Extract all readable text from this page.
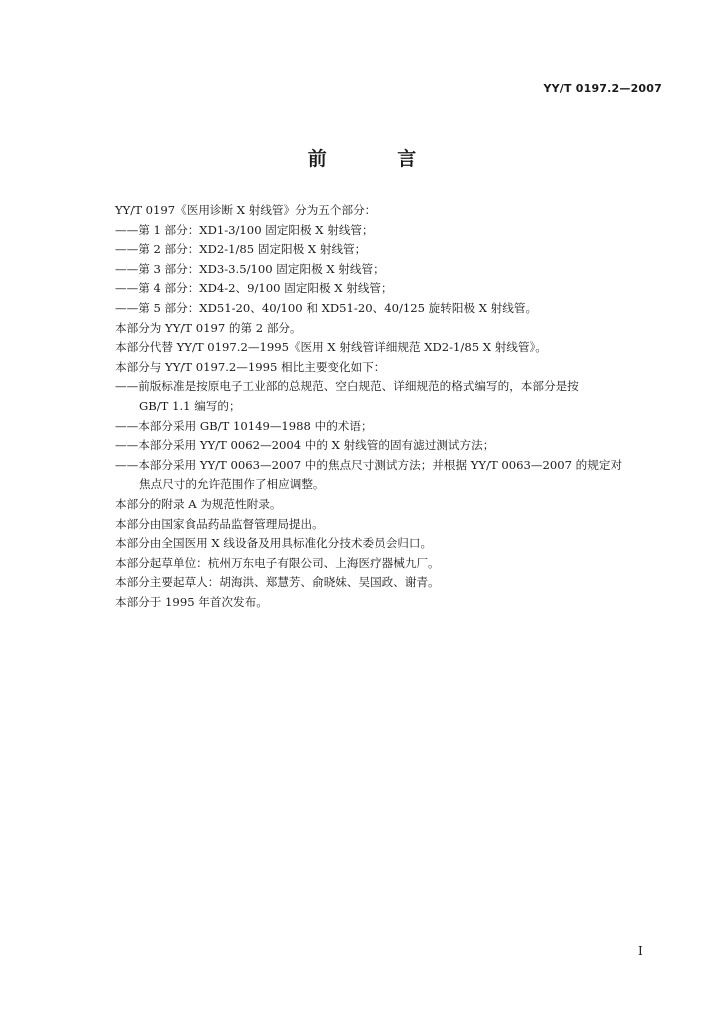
YY/T 0197.2—2007
前 言

YY/T 0197《医用诊断 X 射线管》分为五个部分：

——第 1 部分：XD1-3/100 固定阳极 X 射线管；

——第 2 部分：XD2-1/85 固定阳极 X 射线管；

——第 3 部分：XD3-3.5/100 固定阳极 X 射线管；

——第 4 部分：XD4-2、9/100 固定阳极 X 射线管；

——第 5 部分：XD51-20、40/100 和 XD51-20、40/125 旋转阳极 X 射线管。

本部分为 YY/T 0197 的第 2 部分。

本部分代替 YY/T 0197.2—1995《医用 X 射线管详细规范 XD2-1/85 X 射线管》。

本部分与 YY/T 0197.2—1995 相比主要变化如下：

——前版标准是按原电子工业部的总规范、空白规范、详细规范的格式编写的，本部分是按
GB/T 1.1 编写的；
——本部分采用 GB/T 10149—1988 中的术语；
——本部分采用 YY/T 0062—2004 中的 X 射线管的固有滤过测试方法；
——本部分采用 YY/T 0063—2007 中的焦点尺寸测试方法；并根据 YY/T 0063—2007 的规定对
焦点尺寸的允许范围作了相应调整。

本部分的附录 A 为规范性附录。

本部分由国家食品药品监督管理局提出。

本部分由全国医用 X 线设备及用具标准化分技术委员会归口。

本部分起草单位：杭州万东电子有限公司、上海医疗器械九厂。

本部分主要起草人：胡海洪、郑慧芳、俞晓妹、吴国政、谢青。

本部分于 1995 年首次发布。

I
